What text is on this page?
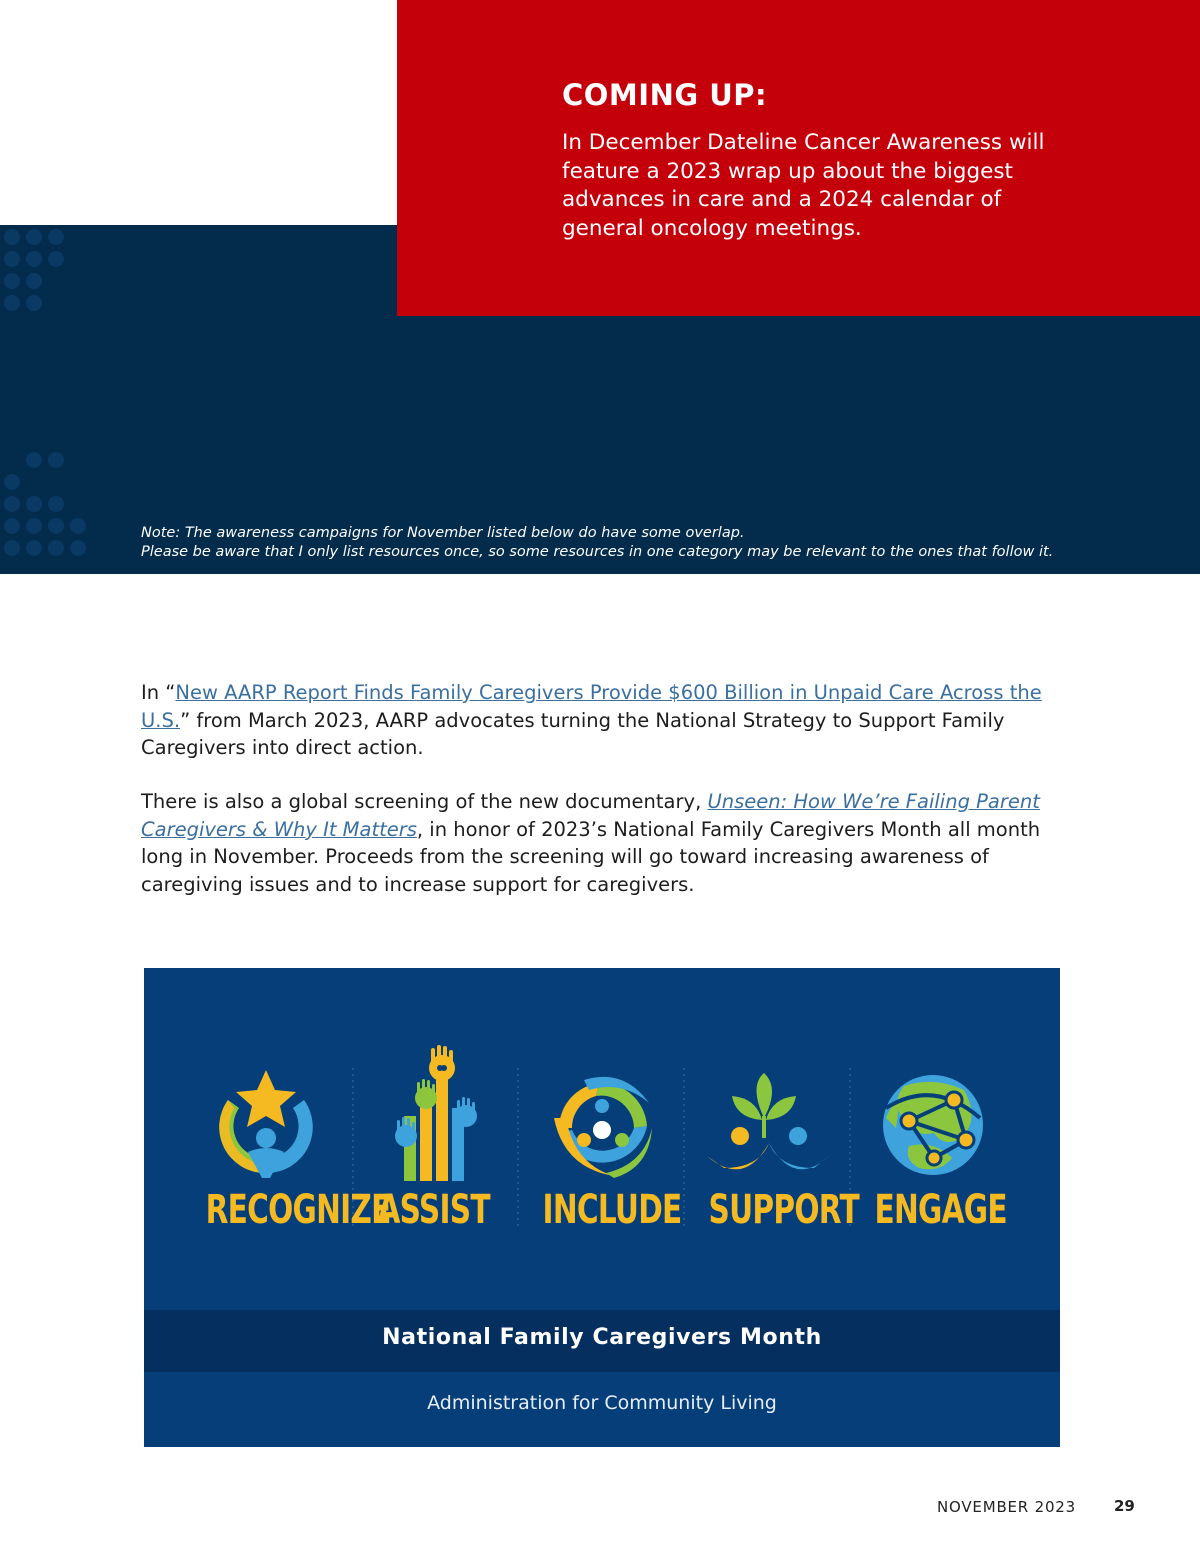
COMING UP:

In December Dateline Cancer Awareness will feature a 2023 wrap up about the biggest advances in care and a 2024 calendar of general oncology meetings.

Note: The awareness campaigns for November listed below do have some overlap.
Please be aware that I only list resources once, so some resources in one category may be relevant to the ones that follow it.

In “New AARP Report Finds Family Caregivers Provide $600 Billion in Unpaid Care Across the U.S.” from March 2023, AARP advocates turning the National Strategy to Support Family Caregivers into direct action.

There is also a global screening of the new documentary, Unseen: How We’re Failing Parent Caregivers & Why It Matters, in honor of 2023’s National Family Caregivers Month all month long in November. Proceeds from the screening will go toward increasing awareness of caregiving issues and to increase support for caregivers.

RECOGNIZE

ASSIST INCLUDE SUPPORT ENGAGE

National Family Caregivers Month

Administration for Community Living

NOVEMBER 2023	29
